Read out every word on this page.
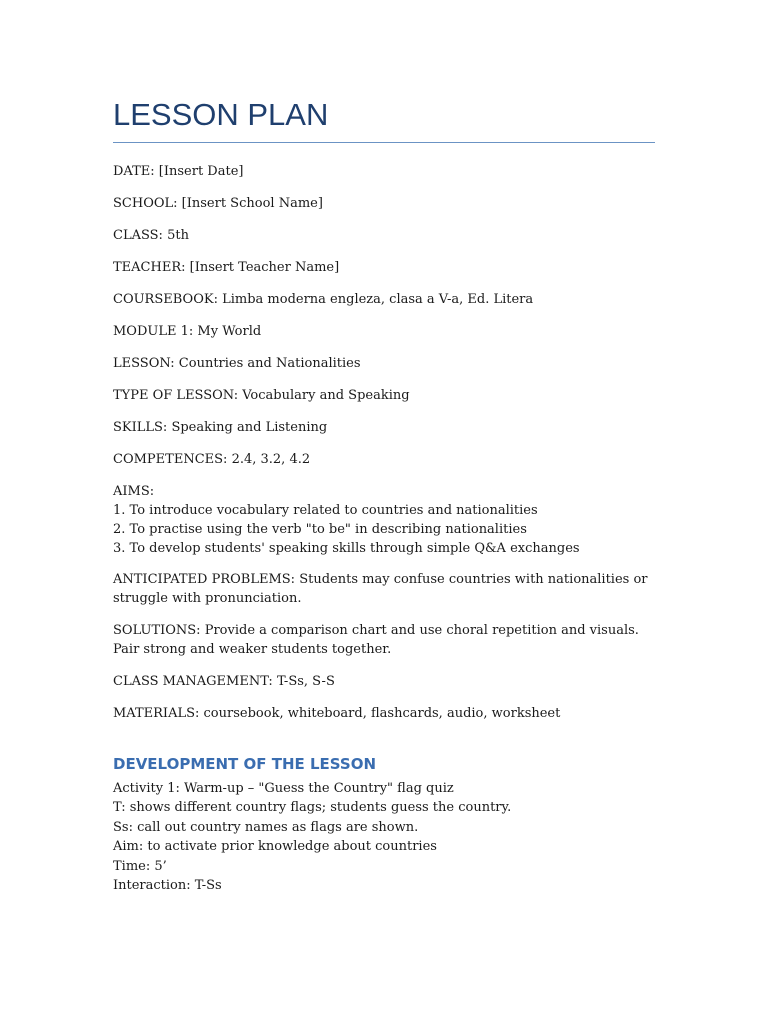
LESSON PLAN

DATE: [Insert Date]

SCHOOL: [Insert School Name]

CLASS: 5th

TEACHER: [Insert Teacher Name]

COURSEBOOK: Limba moderna engleza, clasa a V-a, Ed. Litera

MODULE 1: My World

LESSON: Countries and Nationalities

TYPE OF LESSON: Vocabulary and Speaking

SKILLS: Speaking and Listening

COMPETENCES: 2.4, 3.2, 4.2

AIMS:

1. To introduce vocabulary related to countries and nationalities

2. To practise using the verb "to be" in describing nationalities

3. To develop students' speaking skills through simple Q&A exchanges

ANTICIPATED PROBLEMS: Students may confuse countries with nationalities or struggle with pronunciation.

SOLUTIONS: Provide a comparison chart and use choral repetition and visuals. Pair strong and weaker students together.

CLASS MANAGEMENT: T-Ss, S-S

MATERIALS: coursebook, whiteboard, flashcards, audio, worksheet

DEVELOPMENT OF THE LESSON

Activity 1: Warm-up – "Guess the Country" flag quiz

T: shows different country flags; students guess the country.

Ss: call out country names as flags are shown.

Aim: to activate prior knowledge about countries

Time: 5’

Interaction: T-Ss
